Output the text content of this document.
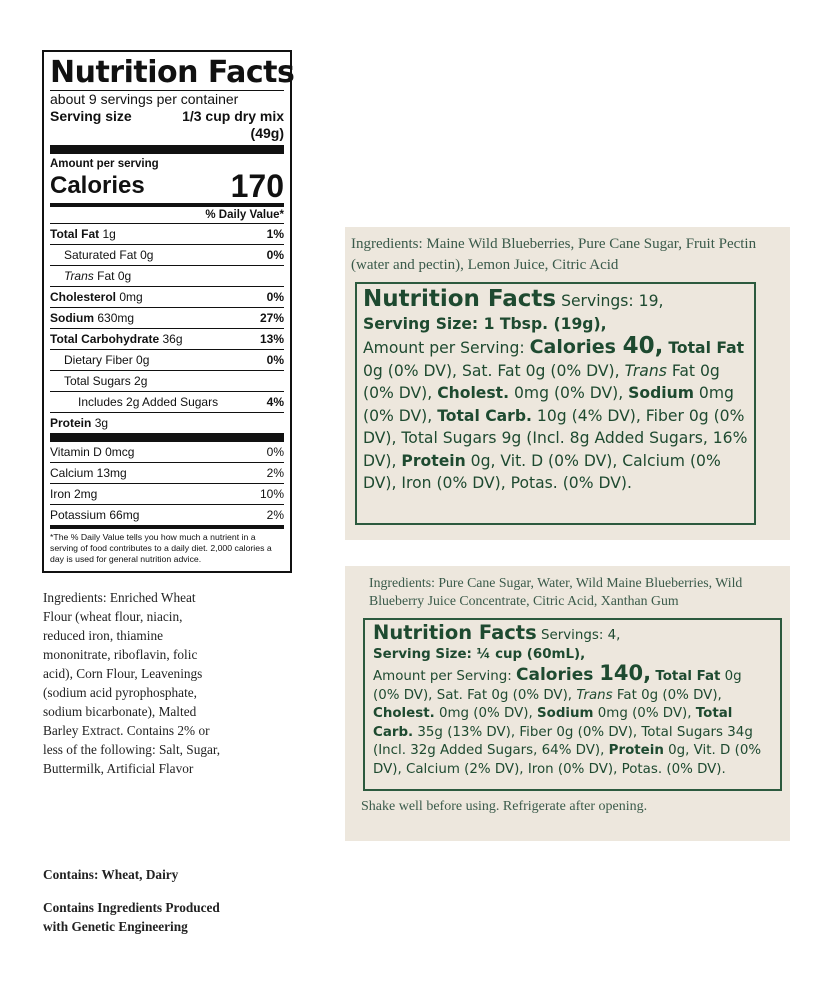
Nutrition Facts
about 9 servings per container
Serving size	1/3 cup dry mix
(49g)
Amount per serving
Calories	170
% Daily Value*
Total Fat 1g	1%
Saturated Fat 0g	0%
Trans Fat 0g
Cholesterol 0mg	0%
Sodium 630mg	27%
Total Carbohydrate 36g	13%
Dietary Fiber 0g	0%
Total Sugars 2g
Includes 2g Added Sugars	4%
Protein 3g
Vitamin D 0mcg	0%
Calcium 13mg	2%
Iron 2mg	10%
Potassium 66mg	2%
*The % Daily Value tells you how much a nutrient in a serving of food contributes to a daily diet. 2,000 calories a day is used for general nutrition advice.
Ingredients: Enriched Wheat Flour (wheat flour, niacin, reduced iron, thiamine mononitrate, riboflavin, folic acid), Corn Flour, Leavenings (sodium acid pyrophosphate, sodium bicarbonate), Malted Barley Extract. Contains 2% or less of the following: Salt, Sugar, Buttermilk, Artificial Flavor
Contains: Wheat, Dairy
Contains Ingredients Produced with Genetic Engineering
Ingredients: Maine Wild Blueberries, Pure Cane Sugar, Fruit Pectin (water and pectin), Lemon Juice, Citric Acid
Nutrition Facts Servings: 19,
Serving Size: 1 Tbsp. (19g),
Amount per Serving: Calories 40, Total Fat 0g (0% DV), Sat. Fat 0g (0% DV), Trans Fat 0g (0% DV), Cholest. 0mg (0% DV), Sodium 0mg (0% DV), Total Carb. 10g (4% DV), Fiber 0g (0% DV), Total Sugars 9g (Incl. 8g Added Sugars, 16% DV), Protein 0g, Vit. D (0% DV), Calcium (0% DV), Iron (0% DV), Potas. (0% DV).
Ingredients: Pure Cane Sugar, Water, Wild Maine Blueberries, Wild Blueberry Juice Concentrate, Citric Acid, Xanthan Gum
Nutrition Facts Servings: 4,
Serving Size: ¼ cup (60mL),
Amount per Serving: Calories 140, Total Fat 0g (0% DV), Sat. Fat 0g (0% DV), Trans Fat 0g (0% DV), Cholest. 0mg (0% DV), Sodium 0mg (0% DV), Total Carb. 35g (13% DV), Fiber 0g (0% DV), Total Sugars 34g (Incl. 32g Added Sugars, 64% DV), Protein 0g, Vit. D (0% DV), Calcium (2% DV), Iron (0% DV), Potas. (0% DV).
Shake well before using. Refrigerate after opening.
